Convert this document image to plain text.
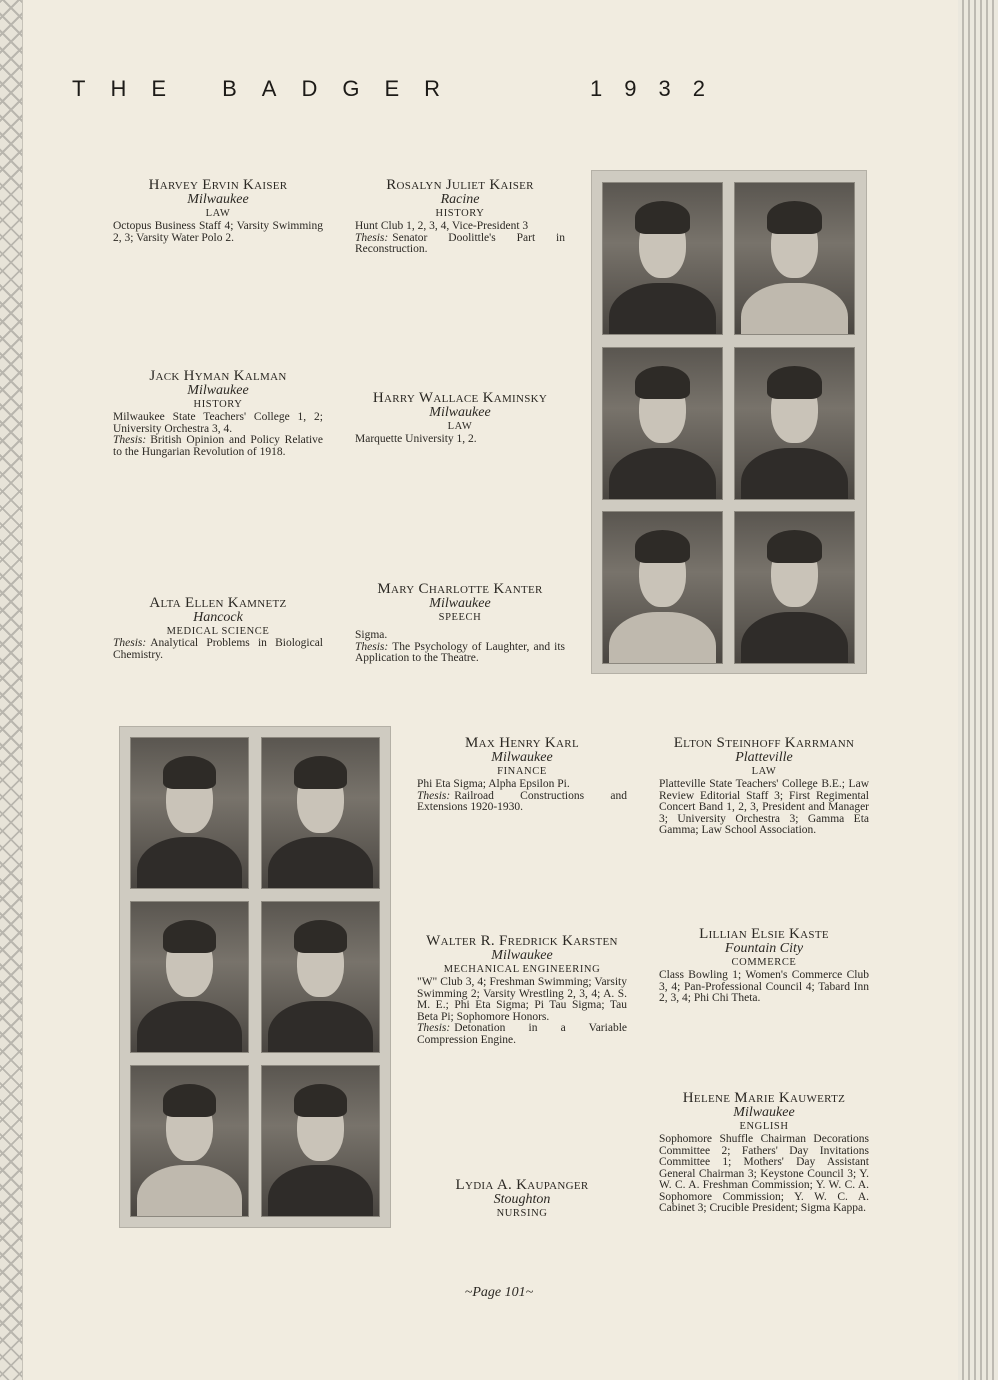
THE BADGER	1932
Harvey Ervin Kaiser
Milwaukee
LAW
Octopus Business Staff 4; Varsity Swimming 2, 3; Varsity Water Polo 2.
Rosalyn Juliet Kaiser
Racine
HISTORY
Hunt Club 1, 2, 3, 4, Vice-President 3
Thesis: Senator Doolittle's Part in Reconstruction.
Jack Hyman Kalman
Milwaukee
HISTORY
Milwaukee State Teachers' College 1, 2; University Orchestra 3, 4.
Thesis: British Opinion and Policy Relative to the Hungarian Revolution of 1918.
Harry Wallace Kaminsky
Milwaukee
LAW
Marquette University 1, 2.
Alta Ellen Kamnetz
Hancock
MEDICAL SCIENCE
Thesis: Analytical Problems in Biological Chemistry.
Mary Charlotte Kanter
Milwaukee
SPEECH
Sigma.
Thesis: The Psychology of Laughter, and its Application to the Theatre.
Max Henry Karl
Milwaukee
FINANCE
Phi Eta Sigma; Alpha Epsilon Pi.
Thesis: Railroad Constructions and Extensions 1920-1930.
Elton Steinhoff Karrmann
Platteville
LAW
Platteville State Teachers' College B.E.; Law Review Editorial Staff 3; First Regimental Concert Band 1, 2, 3, President and Manager 3; University Orchestra 3; Gamma Eta Gamma; Law School Association.
Walter R. Fredrick Karsten
Milwaukee
MECHANICAL ENGINEERING
"W" Club 3, 4; Freshman Swimming; Varsity Swimming 2; Varsity Wrestling 2, 3, 4; A. S. M. E.; Phi Eta Sigma; Pi Tau Sigma; Tau Beta Pi; Sophomore Honors.
Thesis: Detonation in a Variable Compression Engine.
Lillian Elsie Kaste
Fountain City
COMMERCE
Class Bowling 1; Women's Commerce Club 3, 4; Pan-Professional Council 4; Tabard Inn 2, 3, 4; Phi Chi Theta.
Helene Marie Kauwertz
Milwaukee
ENGLISH
Sophomore Shuffle Chairman Decorations Committee 2; Fathers' Day Invitations Committee 1; Mothers' Day Assistant General Chairman 3; Keystone Council 3; Y. W. C. A. Freshman Commission; Y. W. C. A. Sophomore Commission; Y. W. C. A. Cabinet 3; Crucible President; Sigma Kappa.
Lydia A. Kaupanger
Stoughton
NURSING
~Page 101~
